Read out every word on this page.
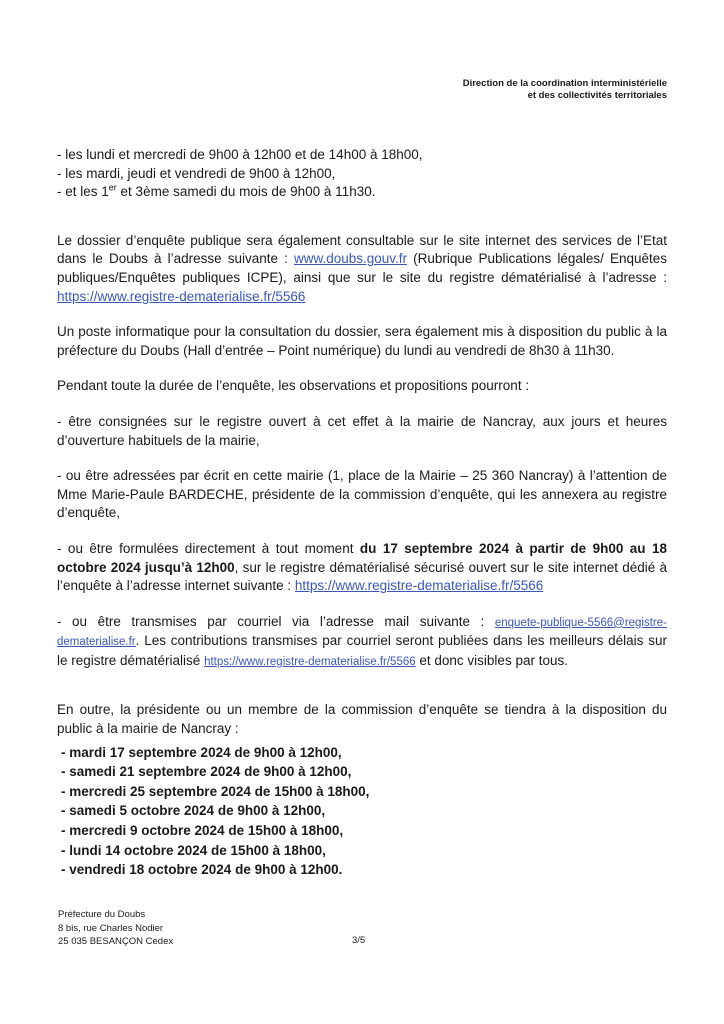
Direction de la coordination interministérielle
et des collectivités territoriales
- les lundi et mercredi de 9h00 à 12h00 et de 14h00 à 18h00,
- les mardi, jeudi et vendredi de 9h00 à 12h00,
- et les 1er et 3ème samedi du mois de 9h00 à 11h30.

Le dossier d’enquête publique sera également consultable sur le site internet des services de l’Etat dans le Doubs à l’adresse suivante : www.doubs.gouv.fr (Rubrique Publications légales/ Enquêtes publiques/Enquêtes publiques ICPE), ainsi que sur le site du registre dématérialisé à l’adresse : https://www.registre-dematerialise.fr/5566

Un poste informatique pour la consultation du dossier, sera également mis à disposition du public à la préfecture du Doubs (Hall d’entrée – Point numérique) du lundi au vendredi de 8h30 à 11h30.

Pendant toute la durée de l’enquête, les observations et propositions pourront :

- être consignées sur le registre ouvert à cet effet à la mairie de Nancray, aux jours et heures d’ouverture habituels de la mairie,

- ou être adressées par écrit en cette mairie (1, place de la Mairie – 25 360 Nancray) à l’attention de Mme Marie-Paule BARDECHE, présidente de la commission d’enquête, qui les annexera au registre d’enquête,

- ou être formulées directement à tout moment du 17 septembre 2024 à partir de 9h00 au 18 octobre 2024 jusqu’à 12h00, sur le registre dématérialisé sécurisé ouvert sur le site internet dédié à l’enquête à l’adresse internet suivante : https://www.registre-dematerialise.fr/5566

- ou être transmises par courriel via l’adresse mail suivante : enquete-publique-5566@registre-dematerialise.fr. Les contributions transmises par courriel seront publiées dans les meilleurs délais sur le registre dématérialisé https://www.registre-dematerialise.fr/5566 et donc visibles par tous.

En outre, la présidente ou un membre de la commission d’enquête se tiendra à la disposition du public à la mairie de Nancray :

- mardi 17 septembre 2024 de 9h00 à 12h00,
- samedi 21 septembre 2024 de 9h00 à 12h00,
- mercredi 25 septembre 2024 de 15h00 à 18h00,
- samedi 5 octobre 2024 de 9h00 à 12h00,
- mercredi 9 octobre 2024 de 15h00 à 18h00,
- lundi 14 octobre 2024 de 15h00 à 18h00,
- vendredi 18 octobre 2024 de 9h00 à 12h00.
Préfecture du Doubs
8 bis, rue Charles Nodier
25 035 BESANÇON Cedex	3/5
